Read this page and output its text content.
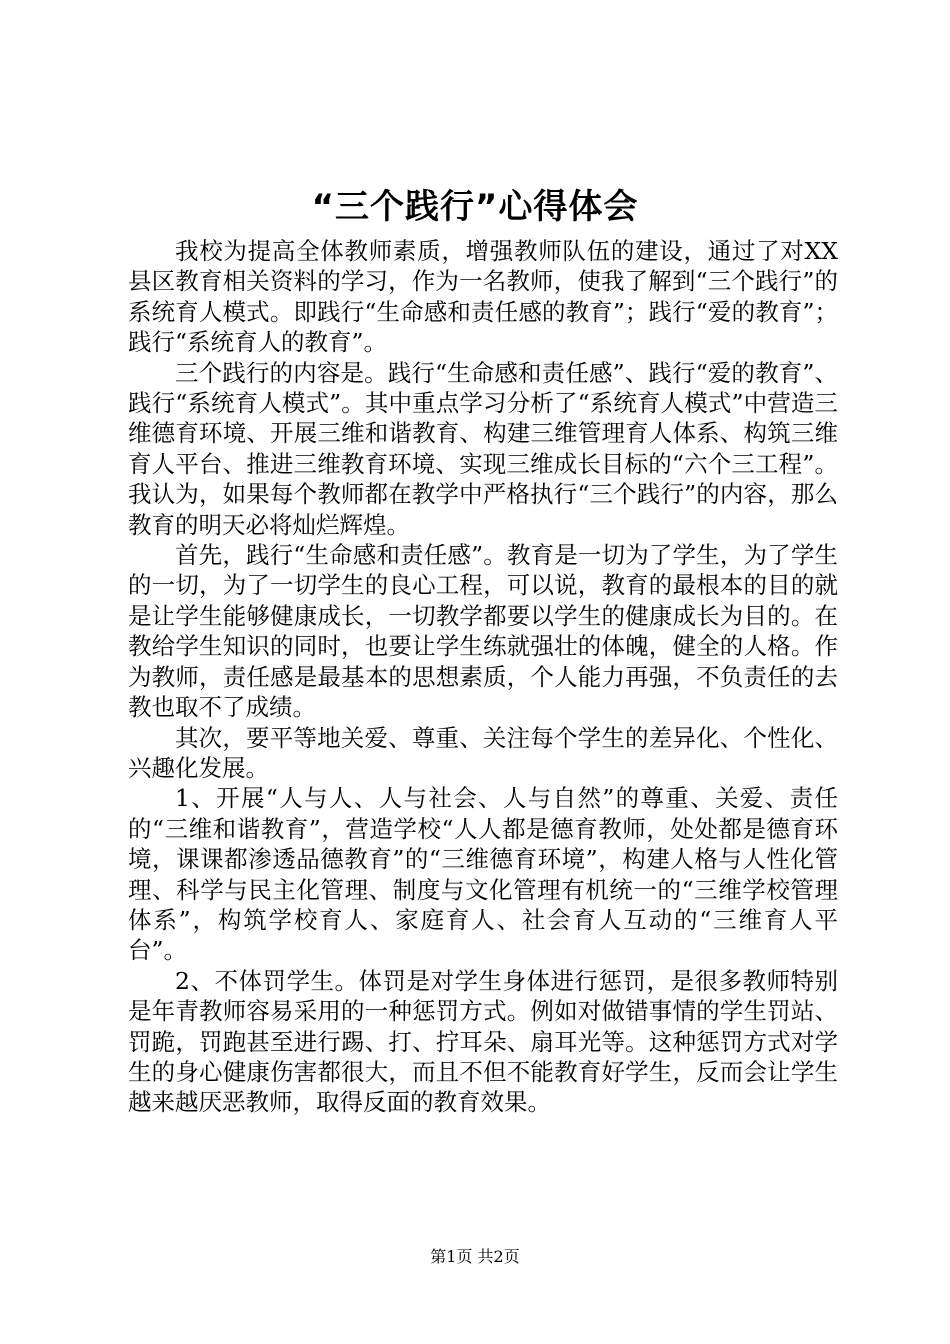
“三个践行”心得体会

我校为提高全体教师素质，增强教师队伍的建设，通过了对XX县区教育相关资料的学习，作为一名教师，使我了解到“三个践行”的系统育人模式。即践行“生命感和责任感的教育”；践行“爱的教育”；践行“系统育人的教育”。

三个践行的内容是。践行“生命感和责任感”、践行“爱的教育”、践行“系统育人模式”。其中重点学习分析了“系统育人模式”中营造三维德育环境、开展三维和谐教育、构建三维管理育人体系、构筑三维育人平台、推进三维教育环境、实现三维成长目标的“六个三工程”。我认为，如果每个教师都在教学中严格执行“三个践行”的内容，那么教育的明天必将灿烂辉煌。

首先，践行“生命感和责任感”。教育是一切为了学生，为了学生的一切，为了一切学生的良心工程，可以说，教育的最根本的目的就是让学生能够健康成长，一切教学都要以学生的健康成长为目的。在教给学生知识的同时，也要让学生练就强壮的体魄，健全的人格。作为教师，责任感是最基本的思想素质，个人能力再强，不负责任的去教也取不了成绩。

其次，要平等地关爱、尊重、关注每个学生的差异化、个性化、兴趣化发展。

1、开展“人与人、人与社会、人与自然”的尊重、关爱、责任的“三维和谐教育”，营造学校“人人都是德育教师，处处都是德育环境，课课都渗透品德教育”的“三维德育环境”，构建人格与人性化管理、科学与民主化管理、制度与文化管理有机统一的“三维学校管理体系”，构筑学校育人、家庭育人、社会育人互动的“三维育人平台”。

2、不体罚学生。体罚是对学生身体进行惩罚，是很多教师特别是年青教师容易采用的一种惩罚方式。例如对做错事情的学生罚站、罚跪，罚跑甚至进行踢、打、拧耳朵、扇耳光等。这种惩罚方式对学生的身心健康伤害都很大，而且不但不能教育好学生，反而会让学生越来越厌恶教师，取得反面的教育效果。

第1页 共2页
